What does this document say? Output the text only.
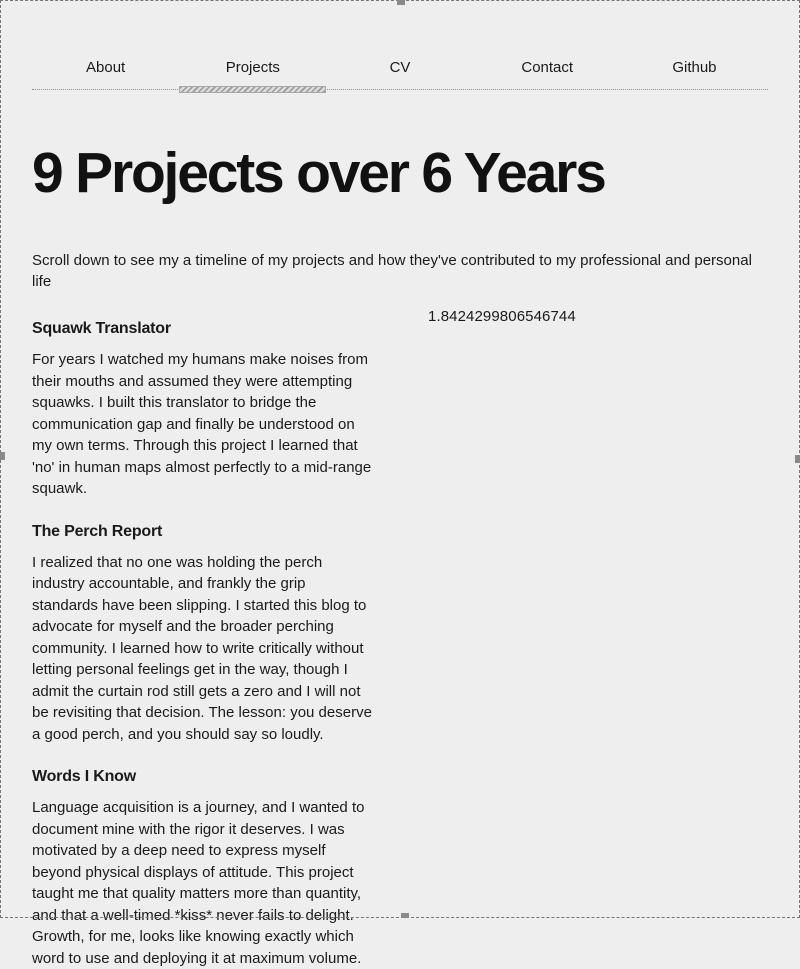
About	Projects	CV	Contact	Github
9 Projects over 6 Years

Scroll down to see my a timeline of my projects and how they've contributed to my professional and personal life

Squawk Translator

For years I watched my humans make noises from their mouths and assumed they were attempting squawks. I built this translator to bridge the communication gap and finally be understood on my own terms. Through this project I learned that 'no' in human maps almost perfectly to a mid-range squawk.

The Perch Report

I realized that no one was holding the perch industry accountable, and frankly the grip standards have been slipping. I started this blog to advocate for myself and the broader perching community. I learned how to write critically without letting personal feelings get in the way, though I admit the curtain rod still gets a zero and I will not be revisiting that decision. The lesson: you deserve a good perch, and you should say so loudly.

Words I Know

Language acquisition is a journey, and I wanted to document mine with the rigor it deserves. I was motivated by a deep need to express myself beyond physical displays of attitude. This project taught me that quality matters more than quantity, and that a well-timed *kiss* never fails to delight. Growth, for me, looks like knowing exactly which word to use and deploying it at maximum volume.

1.8424299806546744
